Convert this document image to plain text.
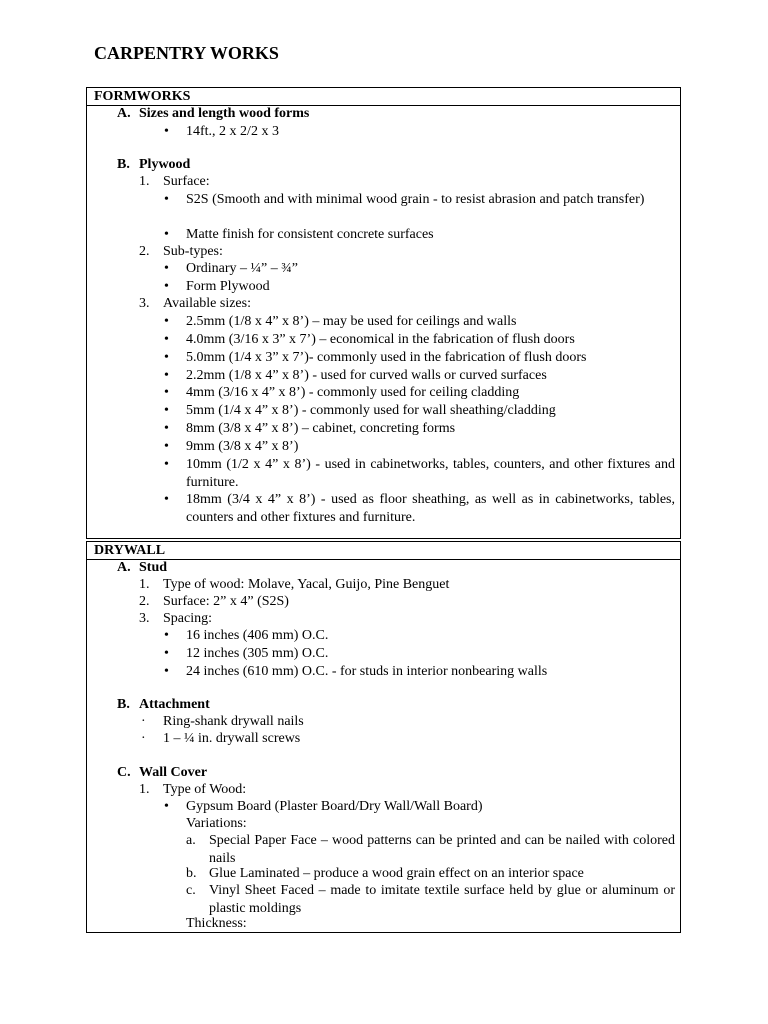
CARPENTRY WORKS
FORMWORKS
A. Sizes and length wood forms
• 14ft., 2 x 2/2 x 3
B. Plywood
1. Surface:
• S2S (Smooth and with minimal wood grain - to resist abrasion and patch transfer)
• Matte finish for consistent concrete surfaces
2. Sub-types:
• Ordinary – ¼” – ¾”
• Form Plywood
3. Available sizes:
• 2.5mm (1/8 x 4” x 8’) – may be used for ceilings and walls
• 4.0mm (3/16 x 3” x 7’) – economical in the fabrication of flush doors
• 5.0mm (1/4 x 3” x 7’)- commonly used in the fabrication of flush doors
• 2.2mm (1/8 x 4” x 8’) - used for curved walls or curved surfaces
• 4mm (3/16 x 4” x 8’) - commonly used for ceiling cladding
• 5mm (1/4 x 4” x 8’) - commonly used for wall sheathing/cladding
• 8mm (3/8 x 4” x 8’) – cabinet, concreting forms
• 9mm (3/8 x 4” x 8’)
• 10mm (1/2 x 4” x 8’) - used in cabinetworks, tables, counters, and other fixtures and furniture.
• 18mm (3/4 x 4” x 8’) - used as floor sheathing, as well as in cabinetworks, tables, counters and other fixtures and furniture.
DRYWALL
A. Stud
1. Type of wood: Molave, Yacal, Guijo, Pine Benguet
2. Surface: 2” x 4” (S2S)
3. Spacing:
• 16 inches (406 mm) O.C.
• 12 inches (305 mm) O.C.
• 24 inches (610 mm) O.C. - for studs in interior nonbearing walls
B. Attachment
· Ring-shank drywall nails
· 1 – ¼ in. drywall screws
C. Wall Cover
1. Type of Wood:
• Gypsum Board (Plaster Board/Dry Wall/Wall Board)
Variations:
a. Special Paper Face – wood patterns can be printed and can be nailed with colored nails
b. Glue Laminated – produce a wood grain effect on an interior space
c. Vinyl Sheet Faced – made to imitate textile surface held by glue or aluminum or plastic moldings
Thickness:
